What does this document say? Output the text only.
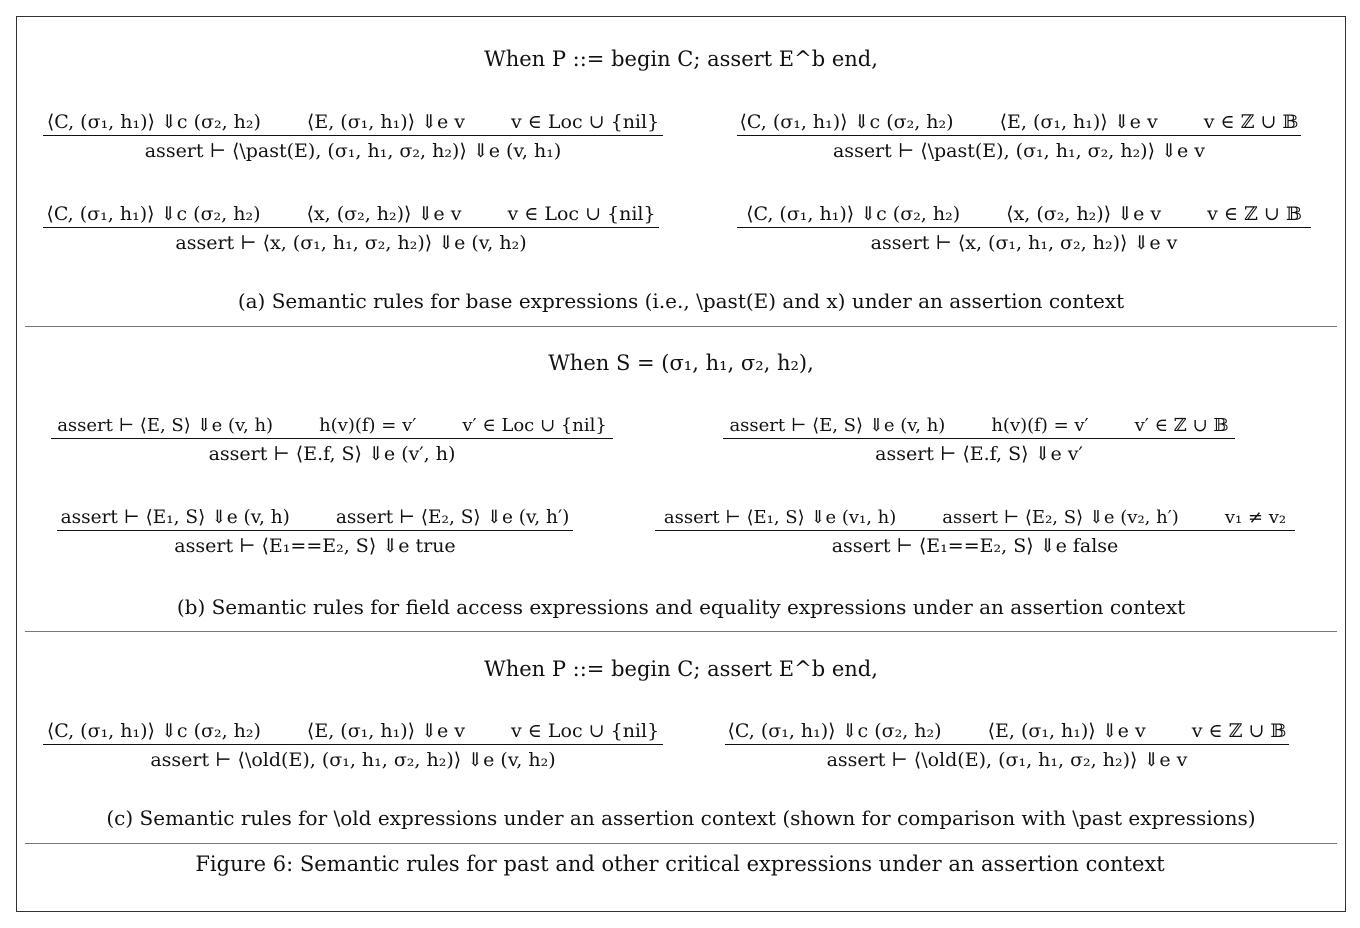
When P ::= begin C; assert E^b end,
⟨C, (σ₁, h₁)⟩ ⇓c (σ₂, h₂) ⟨E, (σ₁, h₁)⟩ ⇓e v v ∈ Loc ∪ {nil}
assert ⊢ ⟨\past(E), (σ₁, h₁, σ₂, h₂)⟩ ⇓e (v, h₁)
⟨C, (σ₁, h₁)⟩ ⇓c (σ₂, h₂) ⟨E, (σ₁, h₁)⟩ ⇓e v v ∈ ℤ ∪ 𝔹
assert ⊢ ⟨\past(E), (σ₁, h₁, σ₂, h₂)⟩ ⇓e v
⟨C, (σ₁, h₁)⟩ ⇓c (σ₂, h₂) ⟨x, (σ₂, h₂)⟩ ⇓e v v ∈ Loc ∪ {nil}
assert ⊢ ⟨x, (σ₁, h₁, σ₂, h₂)⟩ ⇓e (v, h₂)
⟨C, (σ₁, h₁)⟩ ⇓c (σ₂, h₂) ⟨x, (σ₂, h₂)⟩ ⇓e v v ∈ ℤ ∪ 𝔹
assert ⊢ ⟨x, (σ₁, h₁, σ₂, h₂)⟩ ⇓e v
(a) Semantic rules for base expressions (i.e., \past(E) and x) under an assertion context
When S = (σ₁, h₁, σ₂, h₂),
assert ⊢ ⟨E, S⟩ ⇓e (v, h)	h(v)(f) = v′	v′ ∈ Loc ∪ {nil}
assert ⊢ ⟨E.f, S⟩ ⇓e (v′, h)
assert ⊢ ⟨E, S⟩ ⇓e (v, h)	h(v)(f) = v′	v′ ∈ ℤ ∪ 𝔹
assert ⊢ ⟨E.f, S⟩ ⇓e v′
assert ⊢ ⟨E₁, S⟩ ⇓e (v, h) assert ⊢ ⟨E₂, S⟩ ⇓e (v, h′)
assert ⊢ ⟨E₁==E₂, S⟩ ⇓e true
assert ⊢ ⟨E₁, S⟩ ⇓e (v₁, h)	assert ⊢ ⟨E₂, S⟩ ⇓e (v₂, h′)	v₁ ≠ v₂
assert ⊢ ⟨E₁==E₂, S⟩ ⇓e false
(b) Semantic rules for field access expressions and equality expressions under an assertion context
When P ::= begin C; assert E^b end,
⟨C, (σ₁, h₁)⟩ ⇓c (σ₂, h₂) ⟨E, (σ₁, h₁)⟩ ⇓e v v ∈ Loc ∪ {nil}
assert ⊢ ⟨\old(E), (σ₁, h₁, σ₂, h₂)⟩ ⇓e (v, h₂)
⟨C, (σ₁, h₁)⟩ ⇓c (σ₂, h₂) ⟨E, (σ₁, h₁)⟩ ⇓e v v ∈ ℤ ∪ 𝔹
assert ⊢ ⟨\old(E), (σ₁, h₁, σ₂, h₂)⟩ ⇓e v
(c) Semantic rules for \old expressions under an assertion context (shown for comparison with \past expressions)
Figure 6: Semantic rules for past and other critical expressions under an assertion context
